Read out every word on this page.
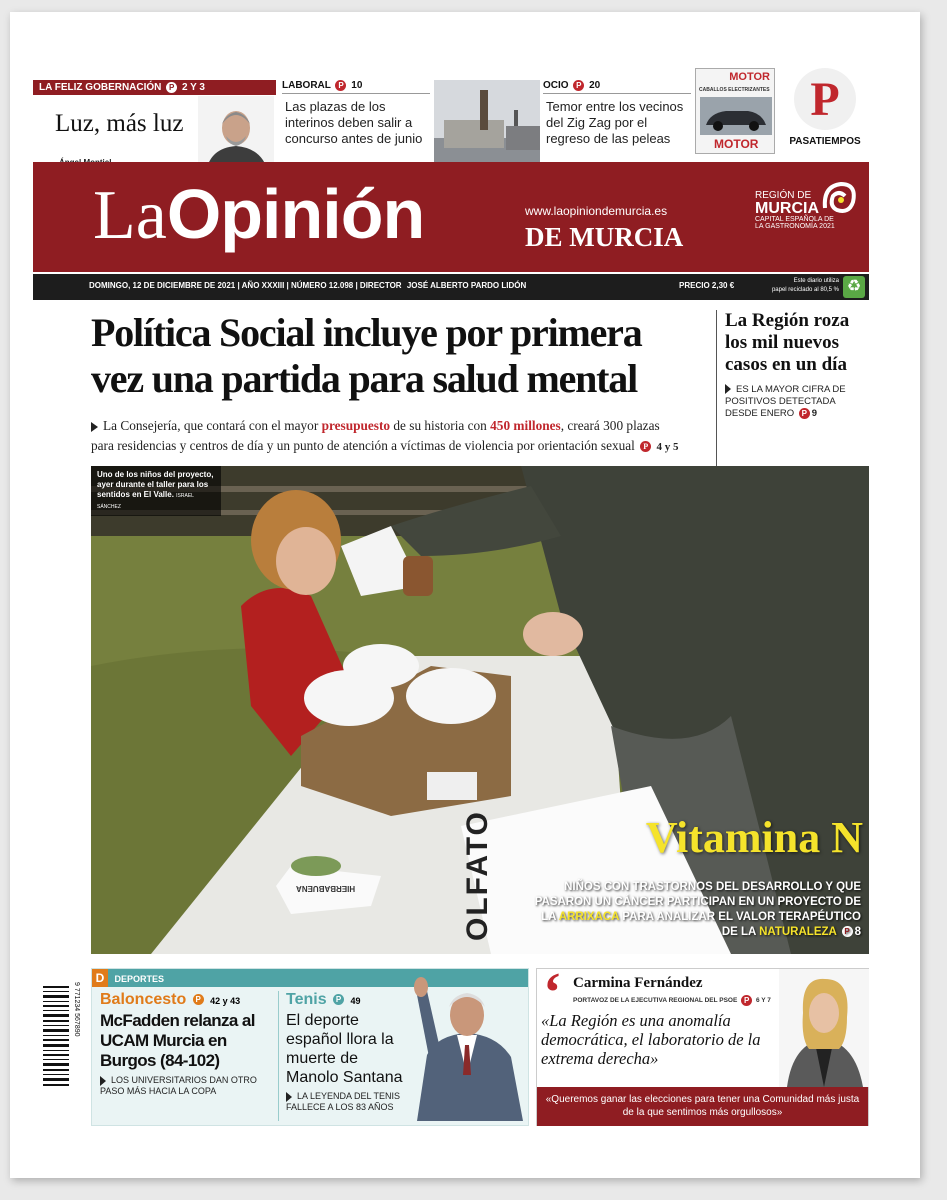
LA FELIZ GOBERNACIÓN P 2 Y 3
Luz, más luz
LABORAL P 10
Las plazas de los interinos deben salir a concurso antes de junio
OCIO P 20
Temor entre los vecinos del Zig Zag por el regreso de las peleas
MOTOR
CABALLOS ELECTRIZANTES
MOTOR
P
PASATIEMPOS
LaOpinión	www.laopiniondemurcia.es
DE MURCIA
REGIÓN DE
MURCIA
CAPITAL ESPAÑOLA DE
LA GASTRONOMÍA 2021
DOMINGO, 12 DE DICIEMBRE DE 2021 | AÑO XXXIII | NÚMERO 12.098 | DIRECTOR JOSÉ ALBERTO PARDO LIDÓN	PRECIO 2,30 €	Este diario utiliza
papel reciclado al 80,5 % ♻
Política Social incluye por primera
vez una partida para salud mental
La Consejería, que contará con el mayor presupuesto de su historia con 450 millones, creará 300 plazas
para residencias y centros de día y un punto de atención a víctimas de violencia por orientación sexual P 4 y 5
La Región roza los mil nuevos casos en un día
ES LA MAYOR CIFRA DE POSITIVOS DETECTADA DESDE ENERO P 9
OLFATO
HIERBABUENA
Uno de los niños del proyecto, ayer durante el taller para los sentidos en El Valle. ISRAEL SÁNCHEZ
Vitamina N
NIÑOS CON TRASTORNOS DEL DESARROLLO Y QUE PASARON UN CÁNCER PARTICIPAN EN UN PROYECTO DE LA ARRIXACA PARA ANALIZAR EL VALOR TERAPÉUTICO DE LA NATURALEZA P 8
D DEPORTES
Baloncesto P 42 y 43
McFadden relanza al UCAM Murcia en Burgos (84-102)
LOS UNIVERSITARIOS DAN OTRO PASO MÁS HACIA LA COPA
Tenis P 49
El deporte español llora la muerte de Manolo Santana
LA LEYENDA DEL TENIS FALLECE A LOS 83 AÑOS
9 771234 567890	‘ Carmina Fernández
PORTAVOZ DE LA EJECUTIVA REGIONAL DEL PSOE P 6 Y 7
«La Región es una anomalía democrática, el laboratorio de la extrema derecha»
«Queremos ganar las elecciones para tener una Comunidad más justa de la que sentimos más orgullosos»
